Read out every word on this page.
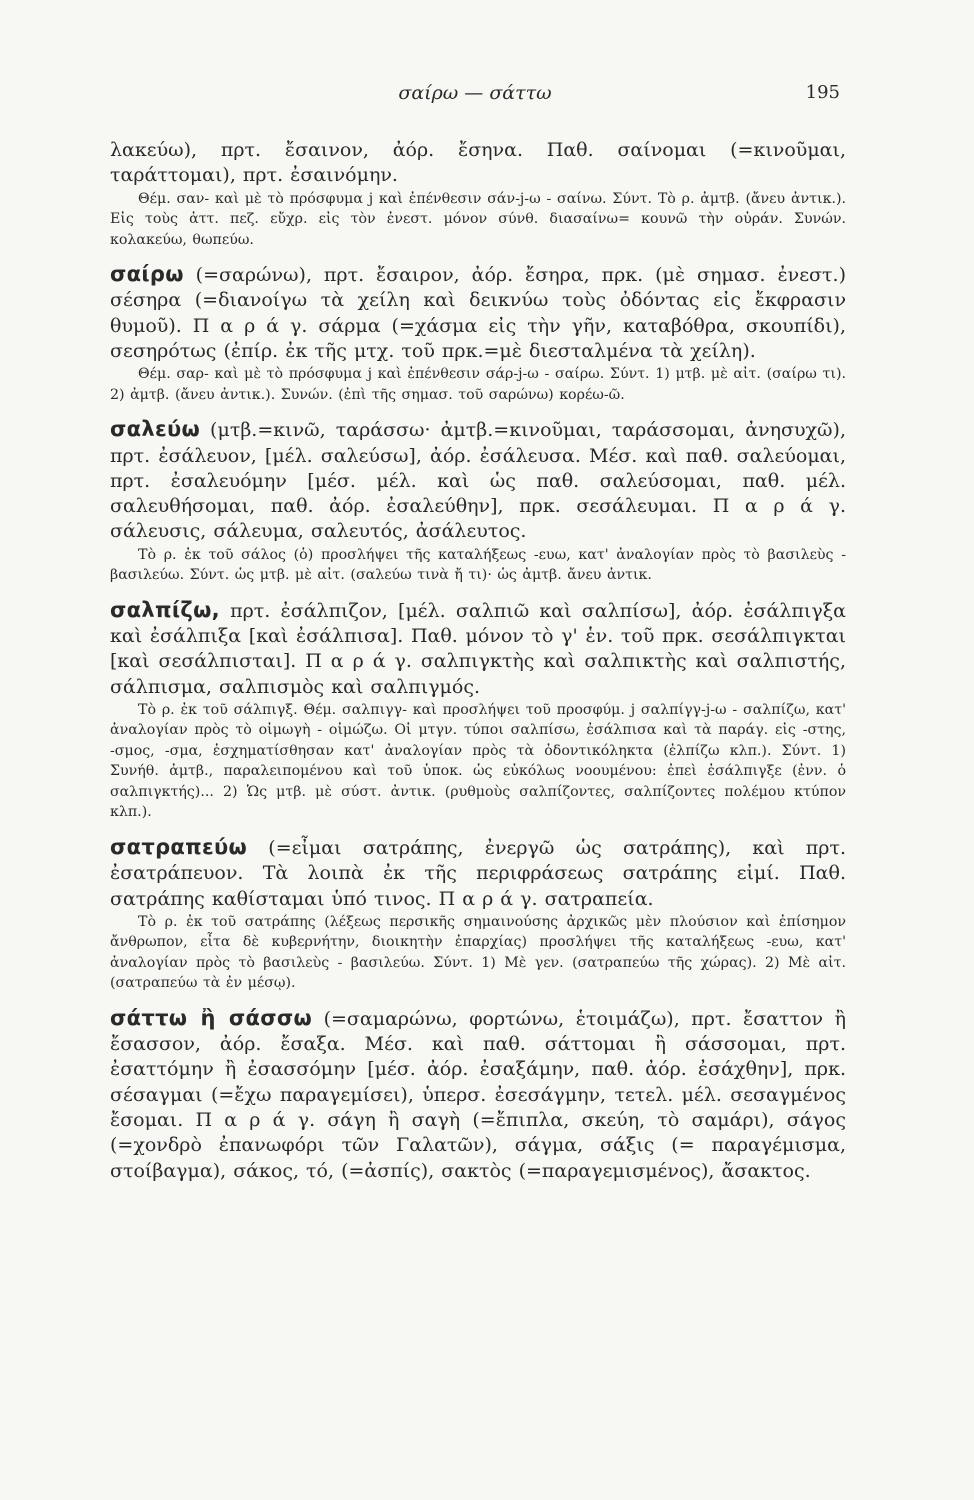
σαίρω — σάττω	195

λακεύω), πρτ. ἔσαινον, ἀόρ. ἔσηνα. Παθ. σαίνομαι (=κινοῦμαι, ταράττομαι), πρτ. ἐσαινόμην.

Θέμ. σαν- καὶ μὲ τὸ πρόσφυμα j καὶ ἐπένθεσιν σάν-j-ω - σαίνω. Σύντ. Τὸ ρ. ἀμτβ. (ἄνευ ἀντικ.). Εἰς τοὺς ἀττ. πεζ. εὔχρ. εἰς τὸν ἐνεστ. μόνον σύνθ. διασαίνω= κουνῶ τὴν οὐράν. Συνών. κολακεύω, θωπεύω.

σαίρω (=σαρώνω), πρτ. ἔσαιρον, ἀόρ. ἔσηρα, πρκ. (μὲ σημασ. ἐνεστ.) σέσηρα (=διανοίγω τὰ χείλη καὶ δεικνύω τοὺς ὀδόντας εἰς ἔκφρασιν θυμοῦ). Π α ρ ά γ. σάρμα (=χάσμα εἰς τὴν γῆν, καταβόθρα, σκουπίδι), σεσηρότως (ἐπίρ. ἐκ τῆς μτχ. τοῦ πρκ.=μὲ διεσταλμένα τὰ χείλη).

Θέμ. σαρ- καὶ μὲ τὸ πρόσφυμα j καὶ ἐπένθεσιν σάρ-j-ω - σαίρω. Σύντ. 1) μτβ. μὲ αἰτ. (σαίρω τι). 2) ἀμτβ. (ἄνευ ἀντικ.). Συνών. (ἐπὶ τῆς σημασ. τοῦ σαρώνω) κορέω-ῶ.

σαλεύω (μτβ.=κινῶ, ταράσσω· ἀμτβ.=κινοῦμαι, ταράσσομαι, ἀνησυχῶ), πρτ. ἐσάλευον, [μέλ. σαλεύσω], ἀόρ. ἐσάλευσα. Μέσ. καὶ παθ. σαλεύομαι, πρτ. ἐσαλευόμην [μέσ. μέλ. καὶ ὡς παθ. σαλεύσομαι, παθ. μέλ. σαλευθήσομαι, παθ. ἀόρ. ἐσαλεύθην], πρκ. σεσάλευμαι. Π α ρ ά γ. σάλευσις, σάλευμα, σαλευτός, ἀσάλευτος.

Τὸ ρ. ἐκ τοῦ σάλος (ὁ) προσλήψει τῆς καταλήξεως -ευω, κατ' ἀναλογίαν πρὸς τὸ βασιλεὺς - βασιλεύω. Σύντ. ὡς μτβ. μὲ αἰτ. (σαλεύω τινὰ ἤ τι)· ὡς ἀμτβ. ἄνευ ἀντικ.

σαλπίζω, πρτ. ἐσάλπιζον, [μέλ. σαλπιῶ καὶ σαλπίσω], ἀόρ. ἐσάλπιγξα καὶ ἐσάλπιξα [καὶ ἐσάλπισα]. Παθ. μόνον τὸ γ' ἑν. τοῦ πρκ. σεσάλπιγκται [καὶ σεσάλπισται]. Π α ρ ά γ. σαλπιγκτὴς καὶ σαλπικτὴς καὶ σαλπιστής, σάλπισμα, σαλπισμὸς καὶ σαλπιγμός.

Τὸ ρ. ἐκ τοῦ σάλπιγξ. Θέμ. σαλπιγγ- καὶ προσλήψει τοῦ προσφύμ. j σαλπίγγ-j-ω - σαλπίζω, κατ' ἀναλογίαν πρὸς τὸ οἰμωγὴ - οἰμώζω. Οἱ μτγν. τύποι σαλπίσω, ἐσάλπισα καὶ τὰ παράγ. εἰς -στης, -σμος, -σμα, ἐσχηματίσθησαν κατ' ἀναλογίαν πρὸς τὰ ὀδοντικόληκτα (ἐλπίζω κλπ.). Σύντ. 1) Συνήθ. ἀμτβ., παραλειπομένου καὶ τοῦ ὑποκ. ὡς εὐκόλως νοουμένου: ἐπεὶ ἐσάλπιγξε (ἐνν. ὁ σαλπιγκτής)... 2) Ὡς μτβ. μὲ σύστ. ἀντικ. (ρυθμοὺς σαλπίζοντες, σαλπίζοντες πολέμου κτύπον κλπ.).

σατραπεύω (=εἶμαι σατράπης, ἐνεργῶ ὡς σατράπης), καὶ πρτ. ἐσατράπευον. Τὰ λοιπὰ ἐκ τῆς περιφράσεως σατράπης εἰμί. Παθ. σατράπης καθίσταμαι ὑπό τινος. Π α ρ ά γ. σατραπεία.

Τὸ ρ. ἐκ τοῦ σατράπης (λέξεως περσικῆς σημαινούσης ἀρχικῶς μὲν πλούσιον καὶ ἐπίσημον ἄνθρωπον, εἶτα δὲ κυβερνήτην, διοικητὴν ἐπαρχίας) προσλήψει τῆς καταλήξεως -ευω, κατ' ἀναλογίαν πρὸς τὸ βασιλεὺς - βασιλεύω. Σύντ. 1) Μὲ γεν. (σατραπεύω τῆς χώρας). 2) Μὲ αἰτ. (σατραπεύω τὰ ἐν μέσῳ).

σάττω ἢ σάσσω (=σαμαρώνω, φορτώνω, ἑτοιμάζω), πρτ. ἔσαττον ἢ ἔσασσον, ἀόρ. ἔσαξα. Μέσ. καὶ παθ. σάττομαι ἢ σάσσομαι, πρτ. ἐσαττόμην ἢ ἐσασσόμην [μέσ. ἀόρ. ἐσαξάμην, παθ. ἀόρ. ἐσάχθην], πρκ. σέσαγμαι (=ἔχω παραγεμίσει), ὑπερσ. ἐσεσάγμην, τετελ. μέλ. σεσαγμένος ἔσομαι. Π α ρ ά γ. σάγη ἢ σαγὴ (=ἔπιπλα, σκεύη, τὸ σαμάρι), σάγος (=χονδρὸ ἐπανωφόρι τῶν Γαλατῶν), σάγμα, σάξις (= παραγέμισμα, στοίβαγμα), σάκος, τό, (=ἀσπίς), σακτὸς (=παραγεμισμένος), ἄσακτος.
